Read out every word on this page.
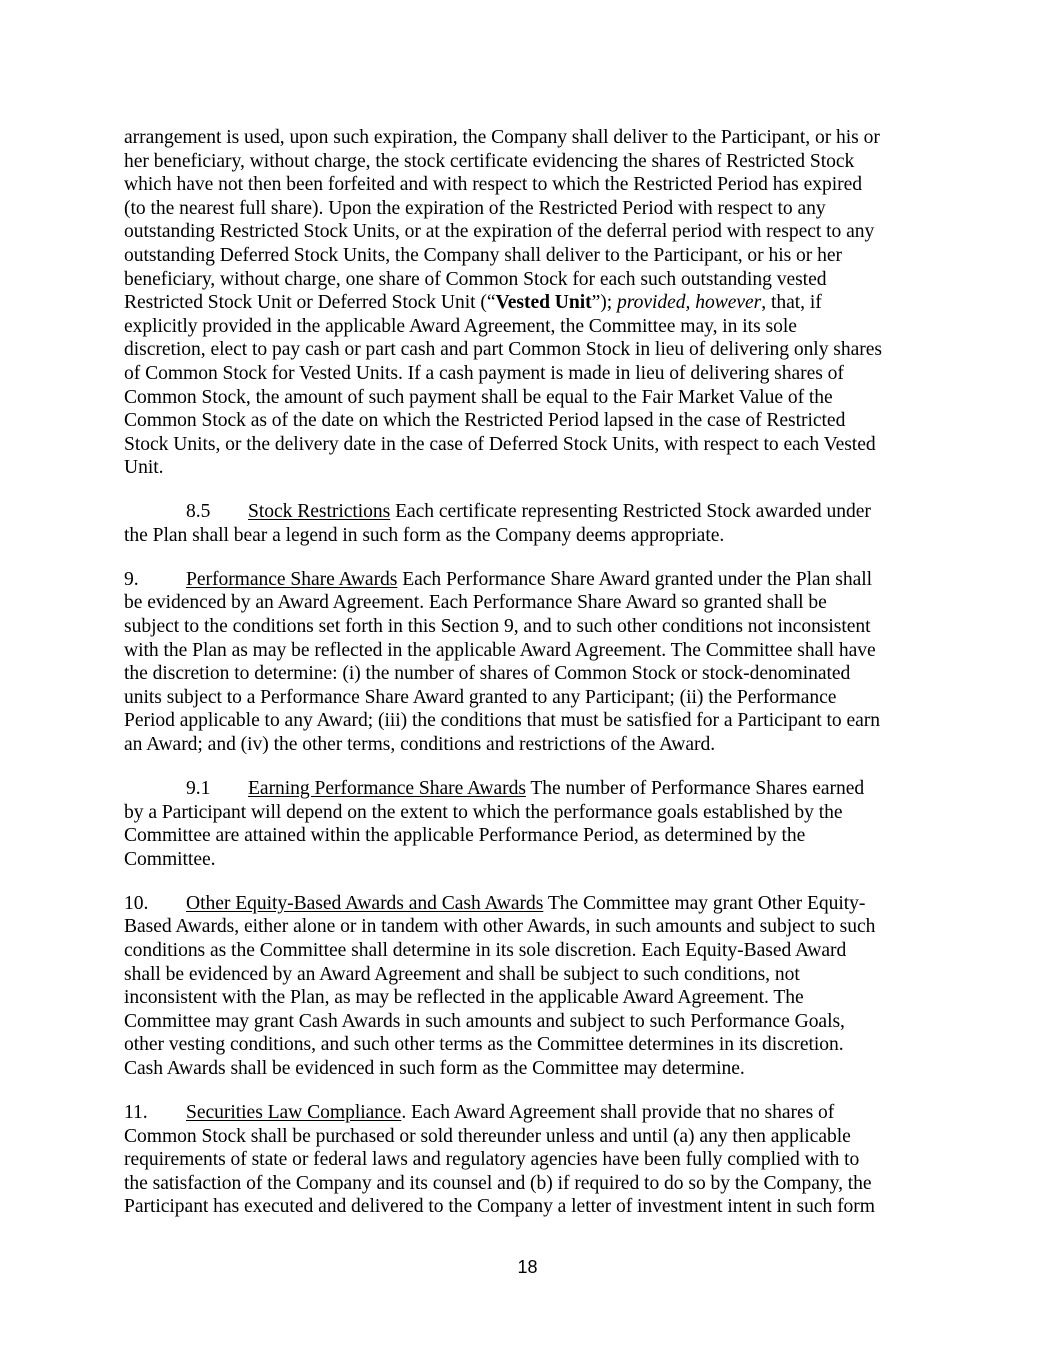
arrangement is used, upon such expiration, the Company shall deliver to the Participant, or his or
her beneficiary, without charge, the stock certificate evidencing the shares of Restricted Stock
which have not then been forfeited and with respect to which the Restricted Period has expired
(to the nearest full share). Upon the expiration of the Restricted Period with respect to any
outstanding Restricted Stock Units, or at the expiration of the deferral period with respect to any
outstanding Deferred Stock Units, the Company shall deliver to the Participant, or his or her
beneficiary, without charge, one share of Common Stock for each such outstanding vested
Restricted Stock Unit or Deferred Stock Unit (“Vested Unit”); provided, however, that, if
explicitly provided in the applicable Award Agreement, the Committee may, in its sole
discretion, elect to pay cash or part cash and part Common Stock in lieu of delivering only shares
of Common Stock for Vested Units. If a cash payment is made in lieu of delivering shares of
Common Stock, the amount of such payment shall be equal to the Fair Market Value of the
Common Stock as of the date on which the Restricted Period lapsed in the case of Restricted
Stock Units, or the delivery date in the case of Deferred Stock Units, with respect to each Vested
Unit.
8.5 Stock Restrictions Each certificate representing Restricted Stock awarded under
the Plan shall bear a legend in such form as the Company deems appropriate.
9. Performance Share Awards Each Performance Share Award granted under the Plan shall
be evidenced by an Award Agreement. Each Performance Share Award so granted shall be
subject to the conditions set forth in this Section 9, and to such other conditions not inconsistent
with the Plan as may be reflected in the applicable Award Agreement. The Committee shall have
the discretion to determine: (i) the number of shares of Common Stock or stock-denominated
units subject to a Performance Share Award granted to any Participant; (ii) the Performance
Period applicable to any Award; (iii) the conditions that must be satisfied for a Participant to earn
an Award; and (iv) the other terms, conditions and restrictions of the Award.
9.1 Earning Performance Share Awards The number of Performance Shares earned
by a Participant will depend on the extent to which the performance goals established by the
Committee are attained within the applicable Performance Period, as determined by the
Committee.
10. Other Equity-Based Awards and Cash Awards The Committee may grant Other Equity-
Based Awards, either alone or in tandem with other Awards, in such amounts and subject to such
conditions as the Committee shall determine in its sole discretion. Each Equity-Based Award
shall be evidenced by an Award Agreement and shall be subject to such conditions, not
inconsistent with the Plan, as may be reflected in the applicable Award Agreement. The
Committee may grant Cash Awards in such amounts and subject to such Performance Goals,
other vesting conditions, and such other terms as the Committee determines in its discretion.
Cash Awards shall be evidenced in such form as the Committee may determine.
11. Securities Law Compliance. Each Award Agreement shall provide that no shares of
Common Stock shall be purchased or sold thereunder unless and until (a) any then applicable
requirements of state or federal laws and regulatory agencies have been fully complied with to
the satisfaction of the Company and its counsel and (b) if required to do so by the Company, the
Participant has executed and delivered to the Company a letter of investment intent in such form
18
